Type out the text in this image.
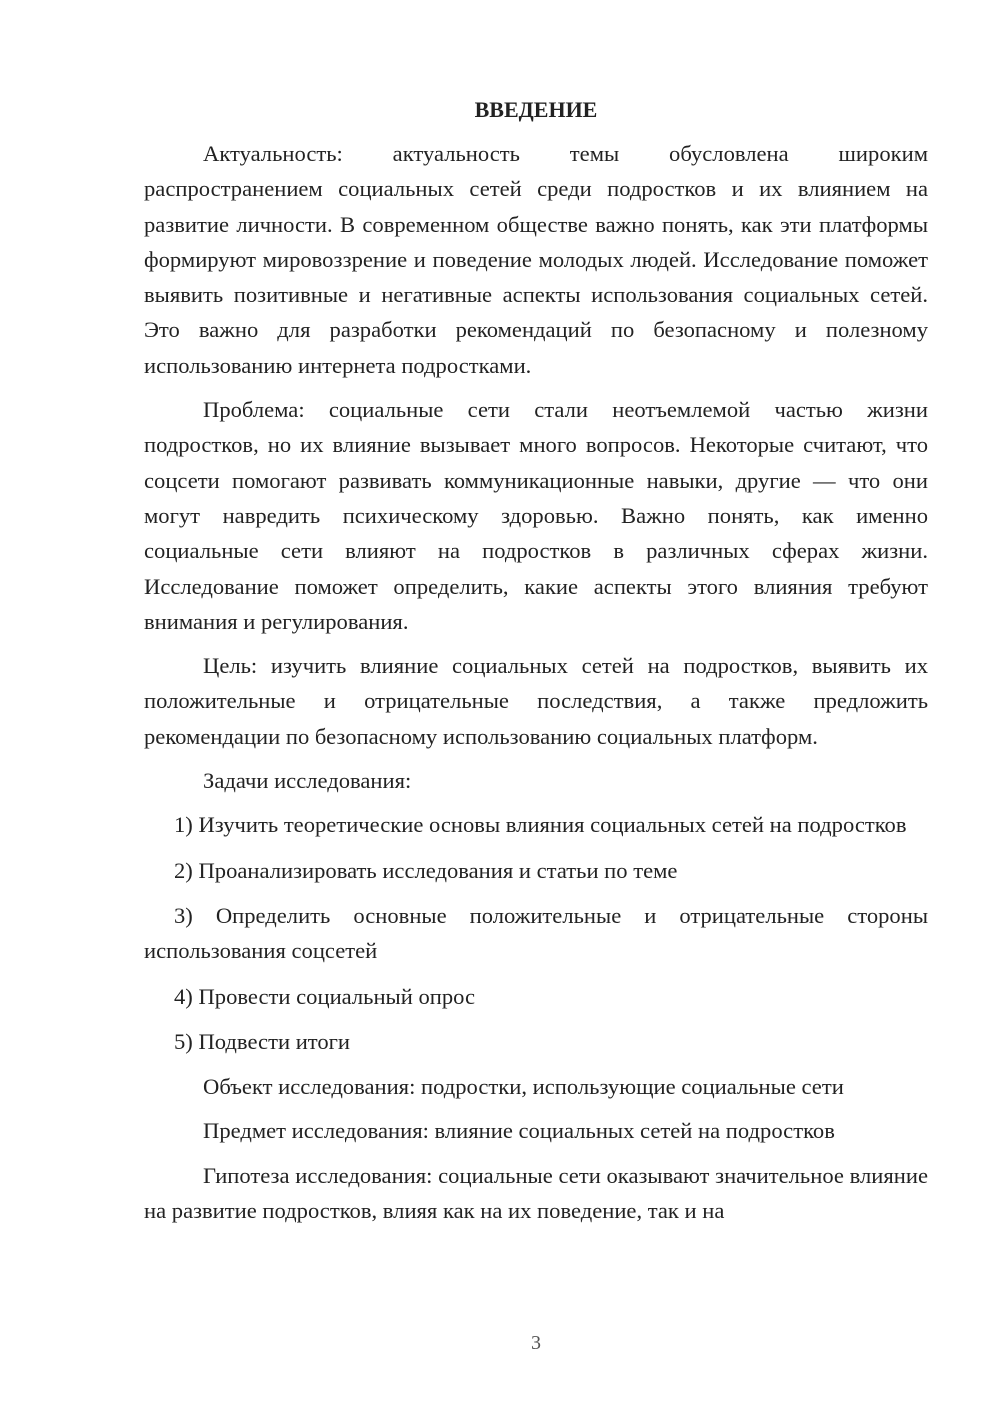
ВВЕДЕНИЕ

Актуальность: актуальность темы обусловлена широким распространением социальных сетей среди подростков и их влиянием на развитие личности. В современном обществе важно понять, как эти платформы формируют мировоззрение и поведение молодых людей. Исследование поможет выявить позитивные и негативные аспекты использования социальных сетей. Это важно для разработки рекомендаций по безопасному и полезному использованию интернета подростками.

Проблема: социальные сети стали неотъемлемой частью жизни подростков, но их влияние вызывает много вопросов. Некоторые считают, что соцсети помогают развивать коммуникационные навыки, другие — что они могут навредить психическому здоровью. Важно понять, как именно социальные сети влияют на подростков в различных сферах жизни. Исследование поможет определить, какие аспекты этого влияния требуют внимания и регулирования.

Цель: изучить влияние социальных сетей на подростков, выявить их положительные и отрицательные последствия, а также предложить рекомендации по безопасному использованию социальных платформ.

Задачи исследования:

1) Изучить теоретические основы влияния социальных сетей на подростков

2) Проанализировать исследования и статьи по теме

3) Определить основные положительные и отрицательные стороны использования соцсетей

4) Провести социальный опрос

5) Подвести итоги

Объект исследования: подростки, использующие социальные сети

Предмет исследования: влияние социальных сетей на подростков

Гипотеза исследования: социальные сети оказывают значительное влияние на развитие подростков, влияя как на их поведение, так и на

3
